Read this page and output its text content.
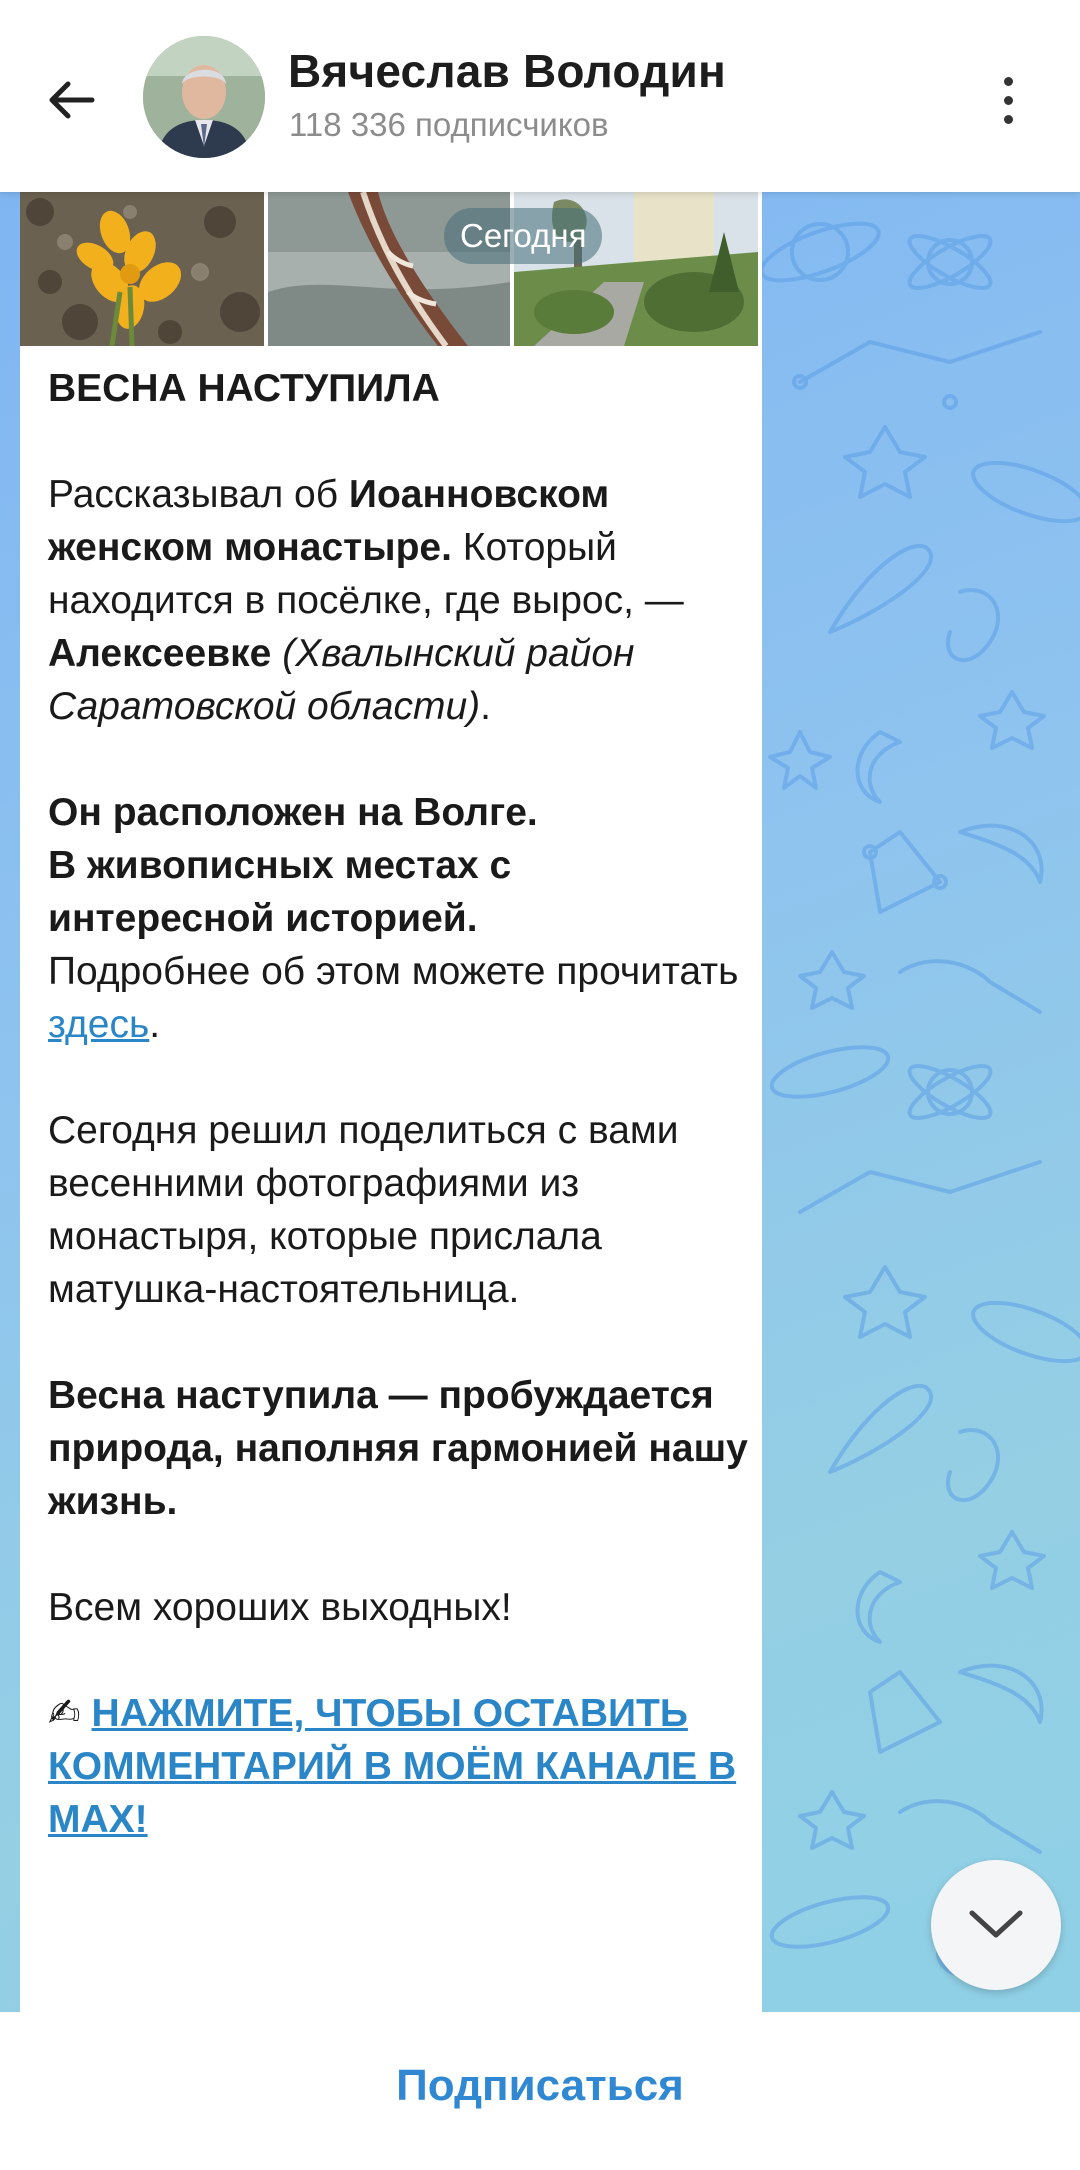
Вячеслав Володин
118 336 подписчиков
Сегодня

ВЕСНА НАСТУПИЛА

Рассказывал об Иоанновском женском монастыре. Который находится в посёлке, где вырос, — Алексеевке (Хвалынский район Саратовской области).

Он расположен на Волге.
В живописных местах с интересной историей.
Подробнее об этом можете прочитать здесь.

Сегодня решил поделиться с вами весенними фотографиями из монастыря, которые прислала матушка-настоятельница.

Весна наступила — пробуждается природа, наполняя гармонией нашу жизнь.

Всем хороших выходных!

✍ НАЖМИТЕ, ЧТОБЫ ОСТАВИТЬ КОММЕНТАРИЙ В МОЁМ КАНАЛЕ В MAX!

Подписаться
